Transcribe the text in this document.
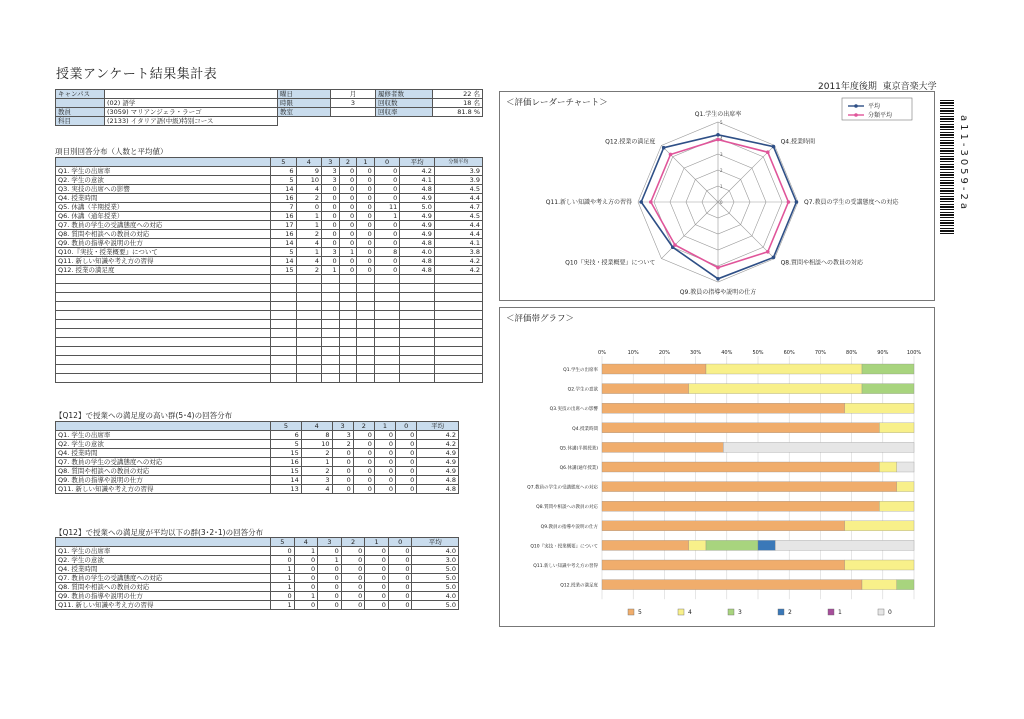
授業アンケート結果集計表
2011年度後期 東京音楽大学
キャンパス		曜日	月	履修者数	22 名
	(02) 語学	時限	3	回収数	18 名
教員	(3059) マリアンジェラ・ラーゴ	教室		回収率	81.8 %
科目	(2133) イタリア語(中級)特別コース				
項目別回答分布（人数と平均値）
	5	4	3	2	1	0	平均	分類平均
Q1. 学生の出席率	6	9	3	0	0	0	4.2	3.9
Q2. 学生の意欲	5	10	3	0	0	0	4.1	3.9
Q3. 実技の出席への影響	14	4	0	0	0	0	4.8	4.5
Q4. 授業時間	16	2	0	0	0	0	4.9	4.4
Q5. 休講（半期授業）	7	0	0	0	0	11	5.0	4.7
Q6. 休講（通年授業）	16	1	0	0	0	1	4.9	4.5
Q7. 教員の学生の受講態度への対応	17	1	0	0	0	0	4.9	4.4
Q8. 質問や相談への教員の対応	16	2	0	0	0	0	4.9	4.4
Q9. 教員の指導や説明の仕方	14	4	0	0	0	0	4.8	4.1
Q10.『実技・授業概要』について	5	1	3	1	0	8	4.0	3.8
Q11. 新しい知識や考え方の習得	14	4	0	0	0	0	4.8	4.2
Q12. 授業の満足度	15	2	1	0	0	0	4.8	4.2

【Q12】で授業への満足度の高い群(5･4)の回答分布
	5	4	3	2	1	0	平均
Q1. 学生の出席率	6	8	3	0	0	0	4.2
Q2. 学生の意欲	5	10	2	0	0	0	4.2
Q4. 授業時間	15	2	0	0	0	0	4.9
Q7. 教員の学生の受講態度への対応	16	1	0	0	0	0	4.9
Q8. 質問や相談への教員の対応	15	2	0	0	0	0	4.9
Q9. 教員の指導や説明の仕方	14	3	0	0	0	0	4.8
Q11. 新しい知識や考え方の習得	13	4	0	0	0	0	4.8
【Q12】で授業への満足度が平均以下の群(3･2･1)の回答分布
	5	4	3	2	1	0	平均
Q1. 学生の出席率	0	1	0	0	0	0	4.0
Q2. 学生の意欲	0	0	1	0	0	0	3.0
Q4. 授業時間	1	0	0	0	0	0	5.0
Q7. 教員の学生の受講態度への対応	1	0	0	0	0	0	5.0
Q8. 質問や相談への教員の対応	1	0	0	0	0	0	5.0
Q9. 教員の指導や説明の仕方	0	1	0	0	0	0	4.0
Q11. 新しい知識や考え方の習得	1	0	0	0	0	0	5.0
＜評価レーダーチャート＞
0
1
2
3
4
5
Q1.学生の出席率
Q4.授業時間
Q7.教員の学生の受講態度への対応
Q8.質問や相談への教員の対応
Q9.教員の指導や説明の仕方
Q10『実技・授業概要』について
Q11.新しい知識や考え方の習得
Q12.授業の満足度
平均
分類平均
＜評価帯グラフ＞
0%	10%	20%	30%	40%	50%	60%	70%	80%	90%	100%
Q1.学生の出席率
Q2.学生の意欲
Q3.実技の出席への影響
Q4.授業時間
Q5.休講(半期授業)
Q6.休講(通年授業)
Q7.教員の学生の受講態度への対応
Q8.質問や相談への教員の対応
Q9.教員の指導や説明の仕方
Q10『実技・授業概要』について
Q11.新しい知識や考え方の習得
Q12.授業の満足度
5	4	3	2	1	0
a11-3059-2a
